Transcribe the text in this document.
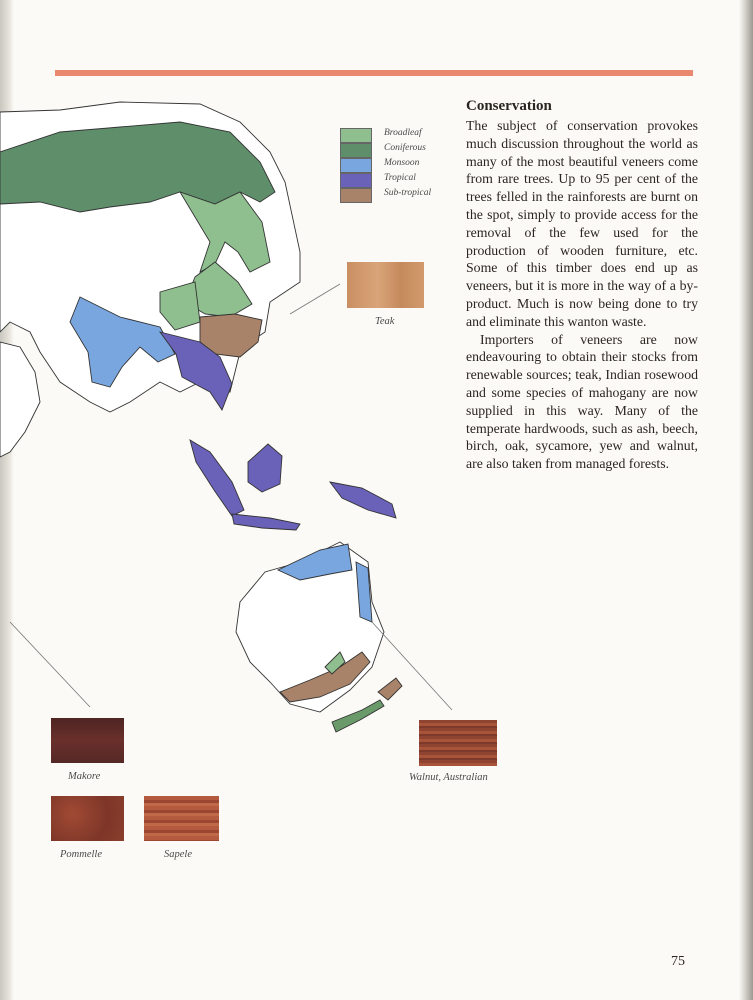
Broadleaf
Coniferous
Monsoon
Tropical
Sub-tropical
Conservation

The subject of conservation provokes much discussion throughout the world as many of the most beautiful veneers come from rare trees. Up to 95 per cent of the trees felled in the rainforests are burnt on the spot, simply to provide access for the removal of the few used for the production of wooden furniture, etc. Some of this timber does end up as veneers, but it is more in the way of a by-product. Much is now being done to try and eliminate this wanton waste.

Importers of veneers are now endeavouring to obtain their stocks from renewable sources; teak, Indian rosewood and some species of mahogany are now supplied in this way. Many of the temperate hardwoods, such as ash, beech, birch, oak, sycamore, yew and walnut, are also taken from managed forests.

Teak
Makore	Walnut, Australian
Pommelle	Sapele
75
